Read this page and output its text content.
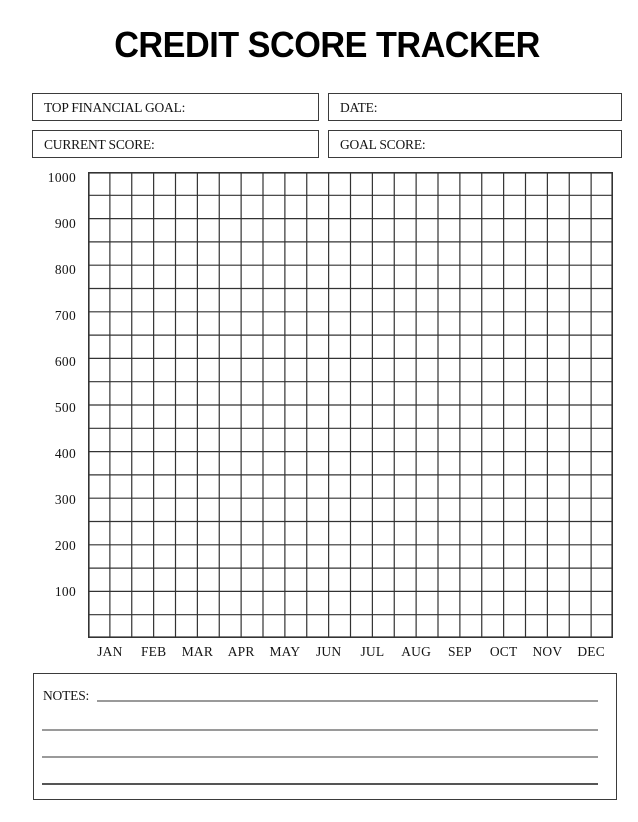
CREDIT SCORE TRACKER
TOP FINANCIAL GOAL:	DATE:
CURRENT SCORE:	GOAL SCORE:
1000
900
800
700
600
500
400
300
200
100
JAN	FEB	MAR	APR	MAY	JUN	JUL	AUG	SEP	OCT	NOV	DEC
NOTES:
